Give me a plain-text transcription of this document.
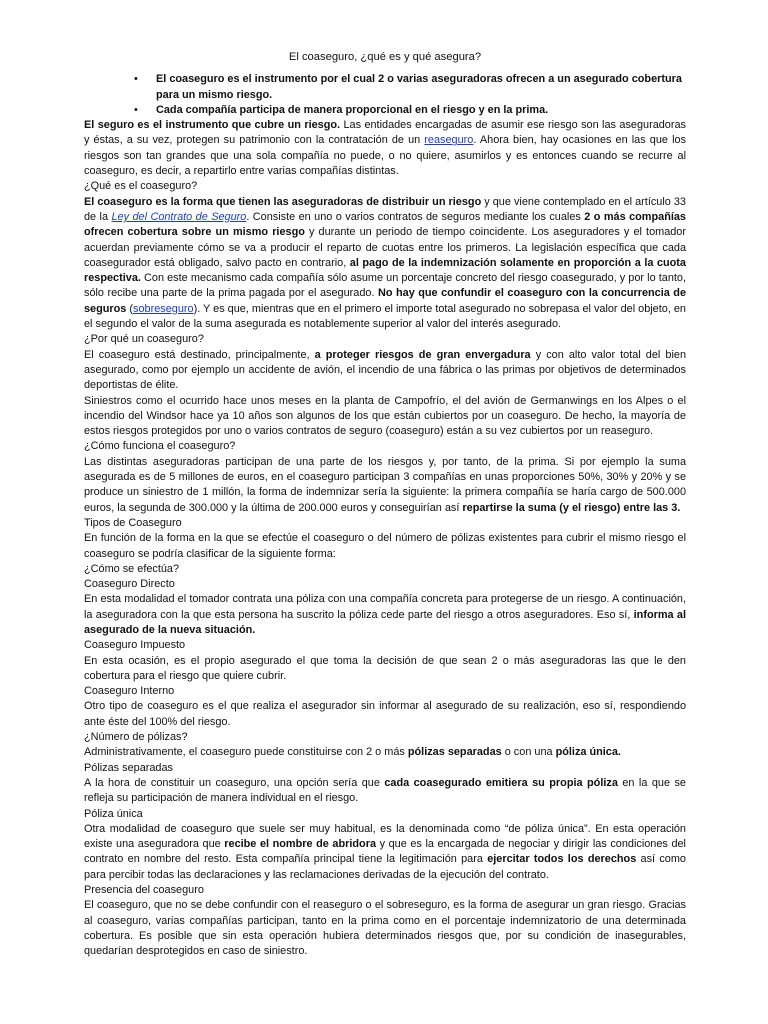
El coaseguro, ¿qué es y qué asegura?
• El coaseguro es el instrumento por el cual 2 o varias aseguradoras ofrecen a un asegurado cobertura para un mismo riesgo.
• Cada compañía participa de manera proporcional en el riesgo y en la prima.

El seguro es el instrumento que cubre un riesgo. Las entidades encargadas de asumir ese riesgo son las aseguradoras y éstas, a su vez, protegen su patrimonio con la contratación de un reaseguro. Ahora bien, hay ocasiones en las que los riesgos son tan grandes que una sola compañía no puede, o no quiere, asumirlos y es entonces cuando se recurre al coaseguro, es decir, a repartirlo entre varias compañías distintas.

¿Qué es el coaseguro?

El coaseguro es la forma que tienen las aseguradoras de distribuir un riesgo y que viene contemplado en el artículo 33 de la Ley del Contrato de Seguro. Consiste en uno o varios contratos de seguros mediante los cuales 2 o más compañías ofrecen cobertura sobre un mismo riesgo y durante un periodo de tiempo coincidente. Los aseguradores y el tomador acuerdan previamente cómo se va a producir el reparto de cuotas entre los primeros. La legislación específica que cada coasegurador está obligado, salvo pacto en contrario, al pago de la indemnización solamente en proporción a la cuota respectiva. Con este mecanismo cada compañía sólo asume un porcentaje concreto del riesgo coasegurado, y por lo tanto, sólo recibe una parte de la prima pagada por el asegurado. No hay que confundir el coaseguro con la concurrencia de seguros (sobreseguro). Y es que, mientras que en el primero el importe total asegurado no sobrepasa el valor del objeto, en el segundo el valor de la suma asegurada es notablemente superior al valor del interés asegurado.

¿Por qué un coaseguro?

El coaseguro está destinado, principalmente, a proteger riesgos de gran envergadura y con alto valor total del bien asegurado, como por ejemplo un accidente de avión, el incendio de una fábrica o las primas por objetivos de determinados deportistas de élite.

Siniestros como el ocurrido hace unos meses en la planta de Campofrío, el del avión de Germanwings en los Alpes o el incendio del Windsor hace ya 10 años son algunos de los que están cubiertos por un coaseguro. De hecho, la mayoría de estos riesgos protegidos por uno o varios contratos de seguro (coaseguro) están a su vez cubiertos por un reaseguro.

¿Cómo funciona el coaseguro?

Las distintas aseguradoras participan de una parte de los riesgos y, por tanto, de la prima. Si por ejemplo la suma asegurada es de 5 millones de euros, en el coaseguro participan 3 compañías en unas proporciones 50%, 30% y 20% y se produce un siniestro de 1 millón, la forma de indemnizar sería la siguiente: la primera compañía se haría cargo de 500.000 euros, la segunda de 300.000 y la última de 200.000 euros y conseguirían así repartirse la suma (y el riesgo) entre las 3.

Tipos de Coaseguro

En función de la forma en la que se efectúe el coaseguro o del número de pólizas existentes para cubrir el mismo riesgo el coaseguro se podría clasificar de la siguiente forma:

¿Cómo se efectúa?
Coaseguro Directo

En esta modalidad el tomador contrata una póliza con una compañía concreta para protegerse de un riesgo. A continuación, la aseguradora con la que esta persona ha suscrito la póliza cede parte del riesgo a otros aseguradores. Eso sí, informa al asegurado de la nueva situación.

Coaseguro Impuesto

En esta ocasión, es el propio asegurado el que toma la decisión de que sean 2 o más aseguradoras las que le den cobertura para el riesgo que quiere cubrir.

Coaseguro Interno

Otro tipo de coaseguro es el que realiza el asegurador sin informar al asegurado de su realización, eso sí, respondiendo ante éste del 100% del riesgo.

¿Número de pólizas?

Administrativamente, el coaseguro puede constituirse con 2 o más pólizas separadas o con una póliza única.

Pólizas separadas

A la hora de constituir un coaseguro, una opción sería que cada coasegurado emitiera su propia póliza en la que se refleja su participación de manera individual en el riesgo.

Póliza única

Otra modalidad de coaseguro que suele ser muy habitual, es la denominada como “de póliza única”. En esta operación existe una aseguradora que recibe el nombre de abridora y que es la encargada de negociar y dirigir las condiciones del contrato en nombre del resto. Esta compañía principal tiene la legitimación para ejercitar todos los derechos así como para percibir todas las declaraciones y las reclamaciones derivadas de la ejecución del contrato.

Presencia del coaseguro

El coaseguro, que no se debe confundir con el reaseguro o el sobreseguro, es la forma de asegurar un gran riesgo. Gracias al coaseguro, varias compañías participan, tanto en la prima como en el porcentaje indemnizatorio de una determinada cobertura. Es posible que sin esta operación hubiera determinados riesgos que, por su condición de inasegurables, quedarían desprotegidos en caso de siniestro.
